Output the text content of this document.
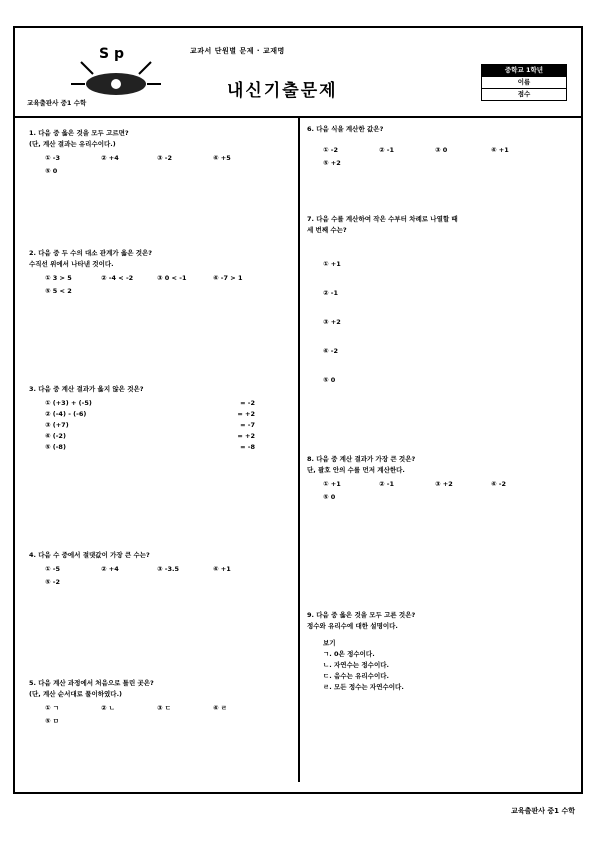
S p	교과서 단원별 문제 · 교재명
교육출판사 중1 수학
내신기출문제
중학교 1학년
이름
점수
1. 다음 중 옳은 것을 모두 고르면?
(단, 계산 결과는 유리수이다.)
① -3	② +4	③ -2	④ +5
⑤ 0
2. 다음 중 두 수의 대소 관계가 옳은 것은?
수직선 위에서 나타낸 것이다.
① 3 > 5	② -4 < -2	③ 0 < -1	④ -7 > 1
⑤ 5 < 2
3. 다음 중 계산 결과가 옳지 않은 것은?
① (+3) + (-5)	= -2
② (-4) - (-6)	= +2
③ (+7)	= -7
④ (-2)	= +2
⑤ (-8)	= -8
4. 다음 수 중에서 절댓값이 가장 큰 수는?
① -5	② +4	③ -3.5	④ +1
⑤ -2
5. 다음 계산 과정에서 처음으로 틀린 곳은?
(단, 계산 순서대로 풀이하였다.)
① ㄱ	② ㄴ	③ ㄷ	④ ㄹ
⑤ ㅁ
6. 다음 식을 계산한 값은?
① -2	② -1	③ 0	④ +1
⑤ +2
7. 다음 수를 계산하여 작은 수부터 차례로 나열할 때
세 번째 수는?
① +1
② -1
③ +2
④ -2
⑤ 0
8. 다음 중 계산 결과가 가장 큰 것은?
단, 괄호 안의 수를 먼저 계산한다.
① +1	② -1	③ +2	④ -2
⑤ 0
9. 다음 중 옳은 것을 모두 고른 것은?
정수와 유리수에 대한 설명이다.
보기
ㄱ. 0은 정수이다.
ㄴ. 자연수는 정수이다.
ㄷ. 음수는 유리수이다.
ㄹ. 모든 정수는 자연수이다.
교육출판사 중1 수학
